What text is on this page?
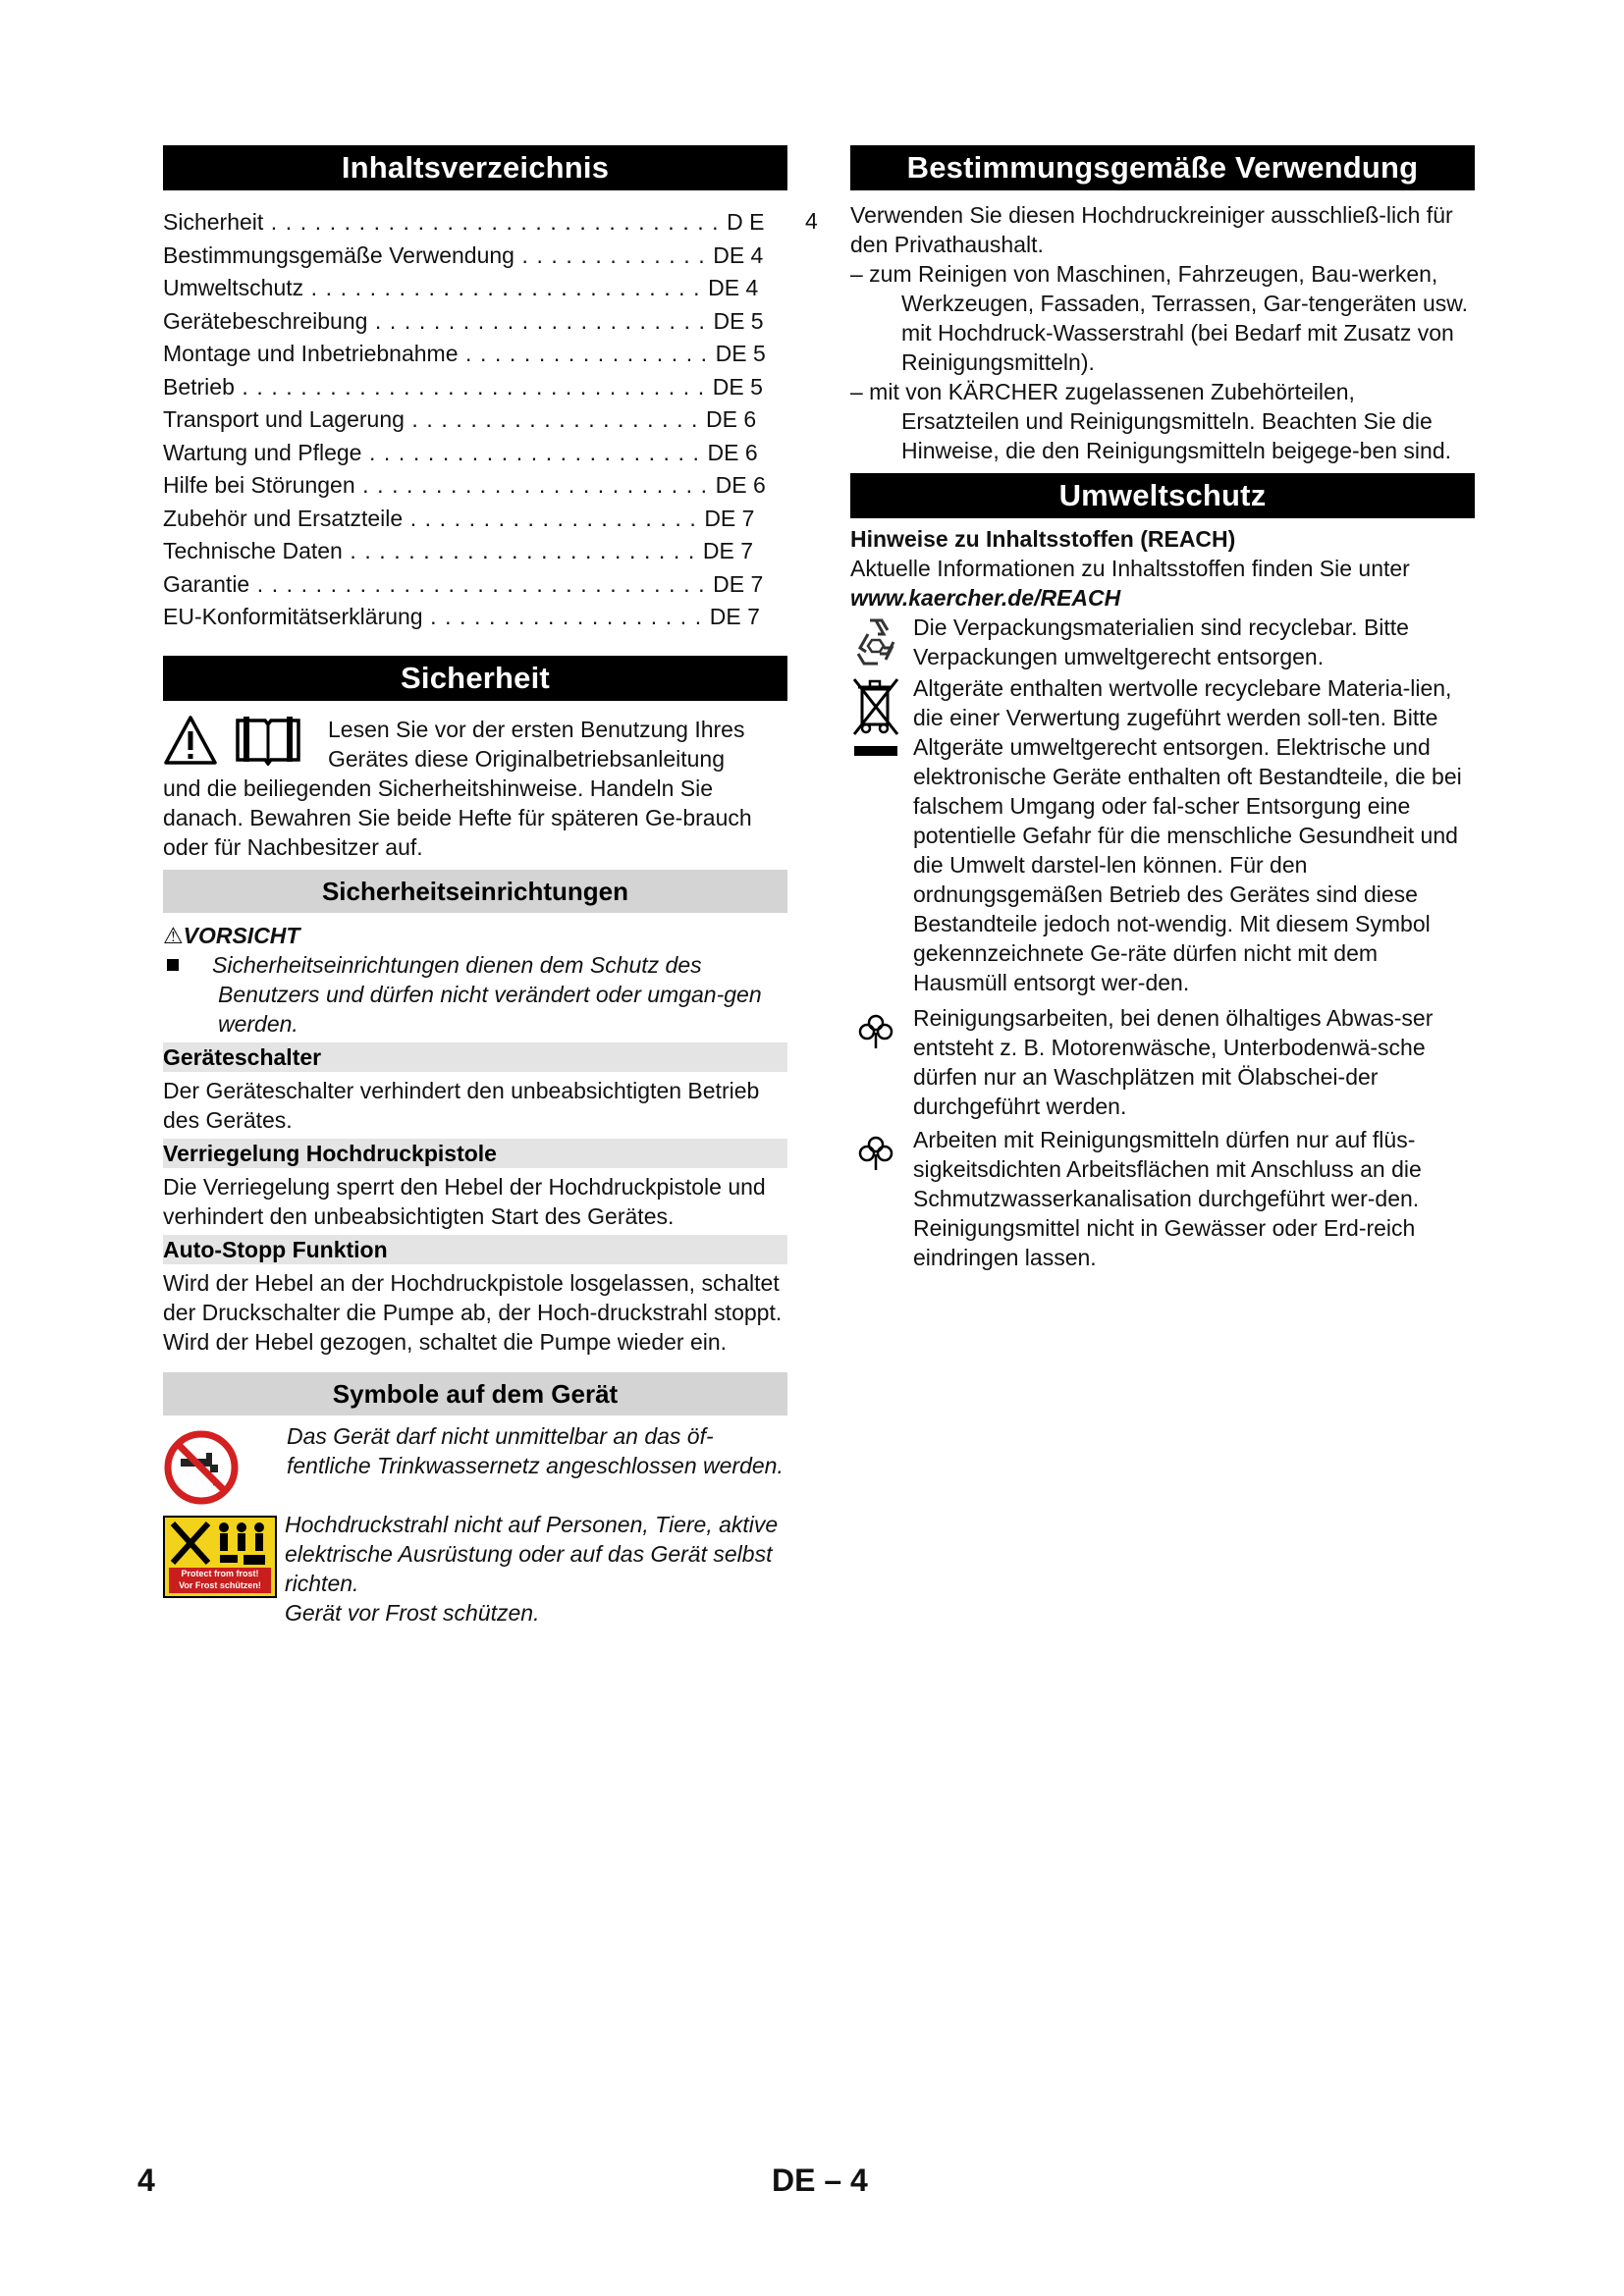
4
Inhaltsverzeichnis
Sicherheit . . . . . . . . . . . . . . . . . . . . . . . . . . . . . . . D E
Bestimmungsgemäße Verwendung . . . . . . . . . . . . . DE 4
Umweltschutz . . . . . . . . . . . . . . . . . . . . . . . . . . . DE 4
Gerätebeschreibung . . . . . . . . . . . . . . . . . . . . . . . DE 5
Montage und Inbetriebnahme . . . . . . . . . . . . . . . . . DE 5
Betrieb . . . . . . . . . . . . . . . . . . . . . . . . . . . . . . . . DE 5
Transport und Lagerung . . . . . . . . . . . . . . . . . . . . DE 6
Wartung und Pflege . . . . . . . . . . . . . . . . . . . . . . . DE 6
Hilfe bei Störungen . . . . . . . . . . . . . . . . . . . . . . . . DE 6
Zubehör und Ersatzteile . . . . . . . . . . . . . . . . . . . . DE 7
Technische Daten . . . . . . . . . . . . . . . . . . . . . . . . DE 7
Garantie . . . . . . . . . . . . . . . . . . . . . . . . . . . . . . . DE 7
EU-Konformitätserklärung . . . . . . . . . . . . . . . . . . . DE 7
Sicherheit

Lesen Sie vor der ersten Benutzung Ihres

Gerätes diese Originalbetriebsanleitung

und die beiliegenden Sicherheitshinweise. Handeln Sie danach. Bewahren Sie beide Hefte für späteren Ge-brauch oder für Nachbesitzer auf.

Sicherheitseinrichtungen

⚠VORSICHT

Sicherheitseinrichtungen dienen dem Schutz des Benutzers und dürfen nicht verändert oder umgan-gen werden.

Geräteschalter

Der Geräteschalter verhindert den unbeabsichtigten Betrieb des Gerätes.

Verriegelung Hochdruckpistole

Die Verriegelung sperrt den Hebel der Hochdruckpistole und verhindert den unbeabsichtigten Start des Gerätes.

Auto-Stopp Funktion

Wird der Hebel an der Hochdruckpistole losgelassen, schaltet der Druckschalter die Pumpe ab, der Hoch-druckstrahl stoppt. Wird der Hebel gezogen, schaltet die Pumpe wieder ein.

Symbole auf dem Gerät

Das Gerät darf nicht unmittelbar an das öf-fentliche Trinkwassernetz angeschlossen werden.

Protect from frost!
Vor Frost schützen!

Hochdruckstrahl nicht auf Personen, Tiere, aktive elektrische Ausrüstung oder auf das Gerät selbst richten.

Gerät vor Frost schützen.

Bestimmungsgemäße Verwendung

Verwenden Sie diesen Hochdruckreiniger ausschließ-lich für den Privathaushalt.

– zum Reinigen von Maschinen, Fahrzeugen, Bau-werken, Werkzeugen, Fassaden, Terrassen, Gar-tengeräten usw. mit Hochdruck-Wasserstrahl (bei Bedarf mit Zusatz von Reinigungsmitteln).

– mit von KÄRCHER zugelassenen Zubehörteilen, Ersatzteilen und Reinigungsmitteln. Beachten Sie die Hinweise, die den Reinigungsmitteln beigege-ben sind.

Umweltschutz

Hinweise zu Inhaltsstoffen (REACH)

Aktuelle Informationen zu Inhaltsstoffen finden Sie unter

www.kaercher.de/REACH

Die Verpackungsmaterialien sind recyclebar. Bitte Verpackungen umweltgerecht entsorgen.

Altgeräte enthalten wertvolle recyclebare Materia-lien, die einer Verwertung zugeführt werden soll-ten. Bitte Altgeräte umweltgerecht entsorgen. Elektrische und elektronische Geräte enthalten oft Bestandteile, die bei falschem Umgang oder fal-scher Entsorgung eine potentielle Gefahr für die menschliche Gesundheit und die Umwelt darstel-len können. Für den ordnungsgemäßen Betrieb des Gerätes sind diese Bestandteile jedoch not-wendig. Mit diesem Symbol gekennzeichnete Ge-räte dürfen nicht mit dem Hausmüll entsorgt wer-den.

Reinigungsarbeiten, bei denen ölhaltiges Abwas-ser entsteht z. B. Motorenwäsche, Unterbodenwä-sche dürfen nur an Waschplätzen mit Ölabschei-der durchgeführt werden.

Arbeiten mit Reinigungsmitteln dürfen nur auf flüs-sigkeitsdichten Arbeitsflächen mit Anschluss an die Schmutzwasserkanalisation durchgeführt wer-den. Reinigungsmittel nicht in Gewässer oder Erd-reich eindringen lassen.

4	DE – 4
